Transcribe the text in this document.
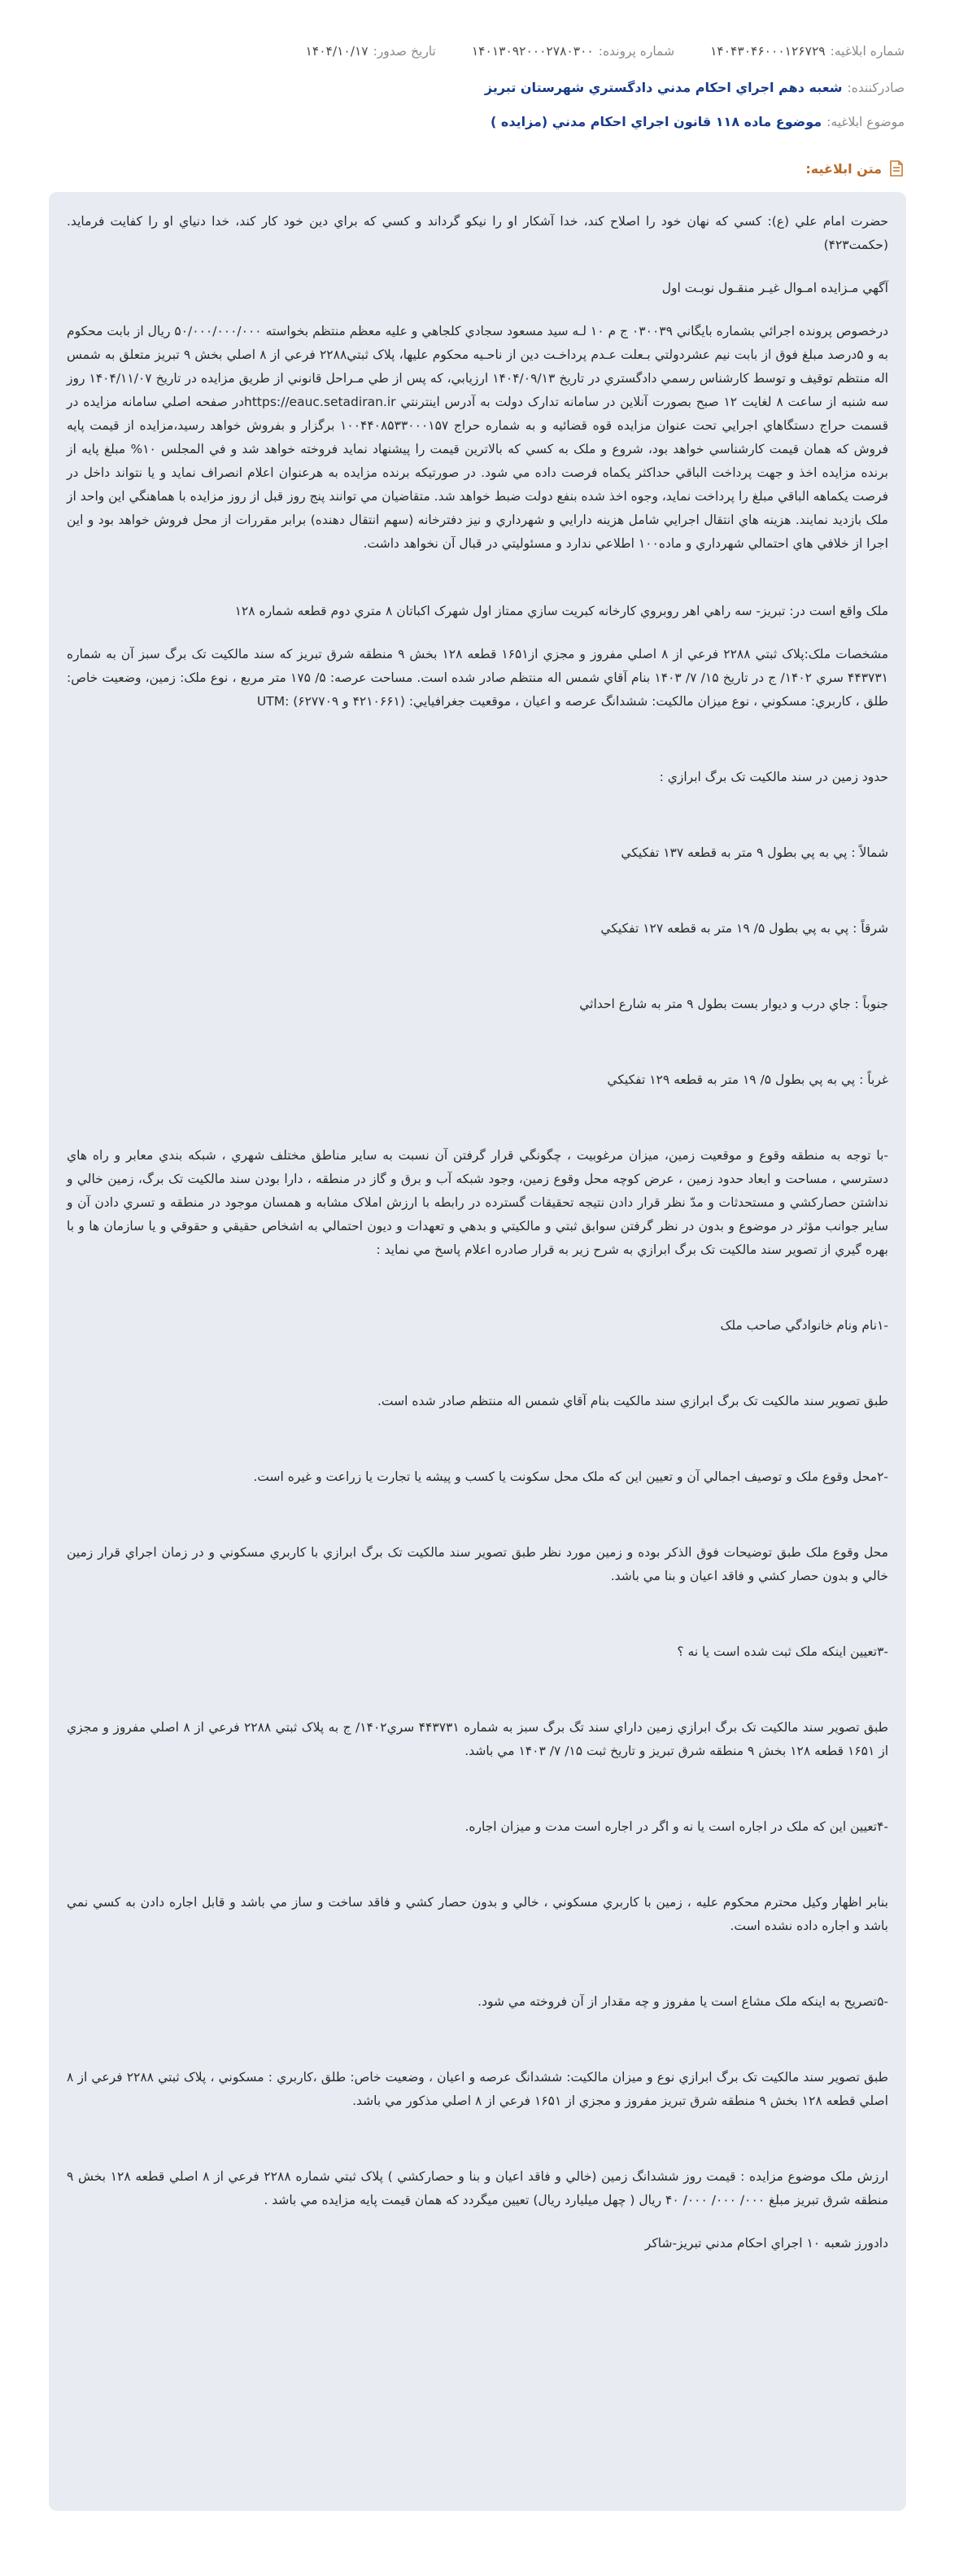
شماره ابلاغيه:
۱۴۰۴۳۰۴۶۰۰۰۱۲۶۷۲۹
شماره پرونده:
۱۴۰۱۳۰۹۲۰۰۰۲۷۸۰۳۰۰
تاريخ صدور:
۱۴۰۴/۱۰/۱۷
صادرکننده:
شعبه دهم اجراي احکام مدني دادگستري شهرستان تبريز
موضوع ابلاغيه:
موضوع ماده ۱۱۸ قانون اجراي احكام مدني (مزايده )
متن ابلاغيه:

حضرت امام علي (ع): کسي که نهان خود را اصلاح کند، خدا آشکار او را نيکو گرداند و کسي که براي دين خود کار کند، خدا دنياي او را کفايت فرمايد. (حکمت۴۲۳)

آگهي مـزايده امـوال غيـر منقـول نوبـت اول

درخصوص پرونده اجرائي بشماره بايگاني ۰۳۰۰۳۹ ج م ۱۰ لـه سيد مسعود سجادي کلجاهي و عليه معظم منتظم بخواسته ۵۰/۰۰۰/۰۰۰/۰۰۰ ريال از بابت محکوم به و ۵درصد مبلغ فوق از بابت نيم عشردولتي بـعلت عـدم پرداخـت دين از ناحـيه محکوم عليها، پلاک ثبتي۲۲۸۸ فرعي از ۸ اصلي بخش ۹ تبريز متعلق به شمس اله منتظم توقيف و توسط کارشناس رسمي دادگستري در تاريخ ۱۴۰۴/۰۹/۱۳ ارزيابي، که پس از طي مـراحل قانوني از طريق مزايده در تاريخ ۱۴۰۴/۱۱/۰۷ روز سه شنبه از ساعت ۸ لغايت ۱۲ صبح بصورت آنلاين در سامانه تدارک دولت به آدرس اينترنتي https://eauc.setadiran.irدر صفحه اصلي سامانه مزايده در قسمت حراج دستگاهاي اجرايي تحت عنوان مزايده قوه قضائيه و به شماره حراج ۱۰۰۴۴۰۸۵۳۳۰۰۰۱۵۷ برگزار و بفروش خواهد رسيد،مزايده از قيمت پايه فروش که همان قيمت کارشناسي خواهد بود، شروع و ملک به کسي که بالاترين قيمت را پيشنهاد نمايد فروخته خواهد شد و في المجلس ۱۰% مبلغ پايه از برنده مزايده اخذ و جهت پرداخت الباقي حداکثر يکماه فرصت داده مي شود. در صورتيکه برنده مزايده به هرعنوان اعلام انصراف نمايد و يا نتواند داخل در فرصت يکماهه الباقي مبلغ را پرداخت نمايد، وجوه اخذ شده بنفع دولت ضبط خواهد شد. متقاضيان مي توانند پنج روز قبل از روز مزايده با هماهنگي اين واحد از ملک بازديد نمايند. هزينه هاي انتقال اجرايي شامل هزينه دارايي و شهرداري و نيز دفترخانه (سهم انتقال دهنده) برابر مقررات از محل فروش خواهد بود و اين اجرا از خلافي هاي احتمالي شهرداري و ماده۱۰۰ اطلاعي ندارد و مسئوليتي در قبال آن نخواهد داشت.

ملک واقع است در: تبريز- سه راهي اهر روبروي کارخانه کبريت سازي ممتاز اول شهرک اکباتان ۸ متري دوم قطعه شماره ۱۲۸

مشخصات ملک:پلاک ثبتي ۲۲۸۸ فرعي از ۸ اصلي مفروز و مجزي از۱۶۵۱ قطعه ۱۲۸ بخش ۹ منطقه شرق تبريز که سند مالکيت تک برگ سبز آن به شماره ۴۴۳۷۳۱ سري ۱۴۰۲/ ج در تاريخ ۱۵/ ۷/ ۱۴۰۳ بنام آقاي شمس اله منتظم صادر شده است. مساحت عرصه: ۵/ ۱۷۵ متر مربع ، نوع ملک: زمين، وضعيت خاص: طلق ، کاربري: مسکوني ، نوع ميزان مالکيت: ششدانگ عرصه و اعيان ، موقعيت جغرافيايي: (۴۲۱۰۶۶۱ و ۶۲۷۷۰۹) :UTM

حدود زمين در سند مالکيت تک برگ ابرازي :

شمالاً : پي به پي بطول ۹ متر به قطعه ۱۳۷ تفکيکي

شرقاً : پي به پي بطول ۵/ ۱۹ متر به قطعه ۱۲۷ تفکيکي

جنوباً : جاي درب و ديوار بست بطول ۹ متر به شارع احداثي

غرباً : پي به پي بطول ۵/ ۱۹ متر به قطعه ۱۲۹ تفکيکي

-با توجه به منطقه وقوع و موقعيت زمين، ميزان مرغوبيت ، چگونگي قرار گرفتن آن نسبت به ساير مناطق مختلف شهري ، شبکه بندي معابر و راه هاي دسترسي ، مساحت و ابعاد حدود زمين ، عرض کوچه محل وقوع زمين، وجود شبکه آب و برق و گاز در منطقه ، دارا بودن سند مالکيت تک برگ، زمين خالي و نداشتن حصارکشي و مستحدثات و مدّ نظر قرار دادن نتيجه تحقيقات گسترده در رابطه با ارزش املاک مشابه و همسان موجود در منطقه و تسري دادن آن و ساير جوانب مؤثر در موضوع و بدون در نظر گرفتن سوابق ثبتي و مالکيتي و بدهي و تعهدات و ديون احتمالي به اشخاص حقيقي و حقوقي و يا سازمان ها و با بهره گيري از تصوير سند مالکيت تک برگ ابرازي به شرح زير به قرار صادره اعلام پاسخ مي نمايد :

-۱نام ونام خانوادگي صاحب ملک

طبق تصوير سند مالکيت تک برگ ابرازي سند مالکيت بنام آقاي شمس اله منتظم صادر شده است.

-۲محل وقوع ملک و توصيف اجمالي آن و تعيين اين که ملک محل سکونت يا کسب و پيشه يا تجارت يا زراعت و غيره است.

محل وقوع ملک طبق توضيحات فوق الذکر بوده و زمين مورد نظر طبق تصوير سند مالکيت تک برگ ابرازي با کاربري مسکوني و در زمان اجراي قرار زمين خالي و بدون حصار کشي و فاقد اعيان و بنا مي باشد.

-۳تعيين اينکه ملک ثبت شده است يا نه ؟

طبق تصوير سند مالکيت تک برگ ابرازي زمين داراي سند تگ برگ سبز به شماره ۴۴۳۷۳۱ سري۱۴۰۲/ ج به پلاک ثبتي ۲۲۸۸ فرعي از ۸ اصلي مفروز و مجزي از ۱۶۵۱ قطعه ۱۲۸ بخش ۹ منطقه شرق تبريز و تاريخ ثبت ۱۵/ ۷/ ۱۴۰۳ مي باشد.

-۴تعيين اين که ملک در اجاره است يا نه و اگر در اجاره است مدت و ميزان اجاره.

بنابر اظهار وکيل محترم محکوم عليه ، زمين با کاربري مسکوني ، خالي و بدون حصار کشي و فاقد ساخت و ساز مي باشد و قابل اجاره دادن به کسي نمي باشد و اجاره داده نشده است.

-۵تصريح به اينکه ملک مشاع است يا مفروز و چه مقدار از آن فروخته مي شود.

طبق تصوير سند مالکيت تک برگ ابرازي نوع و ميزان مالکيت: ششدانگ عرصه و اعيان ، وضعيت خاص: طلق ،کاربري : مسکوني ، پلاک ثبتي ۲۲۸۸ فرعي از ۸ اصلي قطعه ۱۲۸ بخش ۹ منطقه شرق تبريز مفروز و مجزي از ۱۶۵۱ فرعي از ۸ اصلي مذکور مي باشد.

ارزش ملک موضوع مزايده : قيمت روز ششدانگ زمين (خالي و فاقد اعيان و بنا و حصارکشي ) پلاک ثبتي شماره ۲۲۸۸ فرعي از ۸ اصلي قطعه ۱۲۸ بخش ۹ منطقه شرق تبريز مبلغ ۰۰۰/ ۰۰۰/ ۰۰۰/ ۴۰ ريال ( چهل ميليارد ريال) تعيين ميگردد که همان قيمت پايه مزايده مي باشد .

دادورز شعبه ۱۰ اجراي احکام مدني تبريز-شاکر
